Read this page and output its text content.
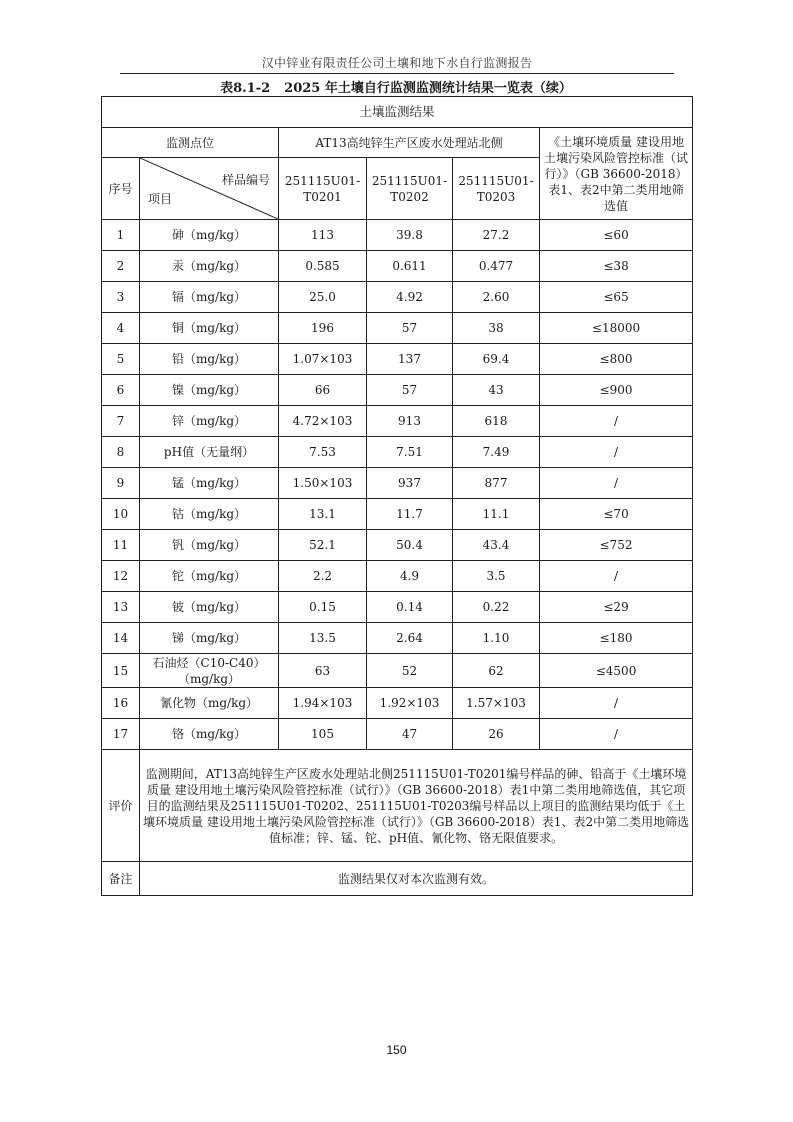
汉中锌业有限责任公司土壤和地下水自行监测报告
表8.1-2 2025 年土壤自行监测监测统计结果一览表（续）
土壤监测结果					
监测点位		AT13高纯锌生产区废水处理站北侧			《土壤环境质量 建设用地土壤污染风险管控标准（试行）》（GB 36600-2018）表1、表2中第二类用地筛选值
序号	样品编号
项目	251115U01-T0201	251115U01-T0202	251115U01-T0203	
1	砷（mg/kg）	113	39.8	27.2	≤60
2	汞（mg/kg）	0.585	0.611	0.477	≤38
3	镉（mg/kg）	25.0	4.92	2.60	≤65
4	铜（mg/kg）	196	57	38	≤18000
5	铅（mg/kg）	1.07×103	137	69.4	≤800
6	镍（mg/kg）	66	57	43	≤900
7	锌（mg/kg）	4.72×103	913	618	/
8	pH值（无量纲）	7.53	7.51	7.49	/
9	锰（mg/kg）	1.50×103	937	877	/
10	钴（mg/kg）	13.1	11.7	11.1	≤70
11	钒（mg/kg）	52.1	50.4	43.4	≤752
12	铊（mg/kg）	2.2	4.9	3.5	/
13	铍（mg/kg）	0.15	0.14	0.22	≤29
14	锑（mg/kg）	13.5	2.64	1.10	≤180
15	石油烃（C10-C40）（mg/kg）	63	52	62	≤4500
16	氰化物（mg/kg）	1.94×103	1.92×103	1.57×103	/
17	铬（mg/kg）	105	47	26	/
评价	监测期间，AT13高纯锌生产区废水处理站北侧251115U01-T0201编号样品的砷、铅高于《土壤环境质量 建设用地土壤污染风险管控标准（试行）》（GB 36600-2018）表1中第二类用地筛选值，其它项目的监测结果及251115U01-T0202、251115U01-T0203编号样品以上项目的监测结果均低于《土壤环境质量 建设用地土壤污染风险管控标准（试行）》（GB 36600-2018）表1、表2中第二类用地筛选值标准；锌、锰、铊、pH值、氰化物、铬无限值要求。				
备注	监测结果仅对本次监测有效。				
150
